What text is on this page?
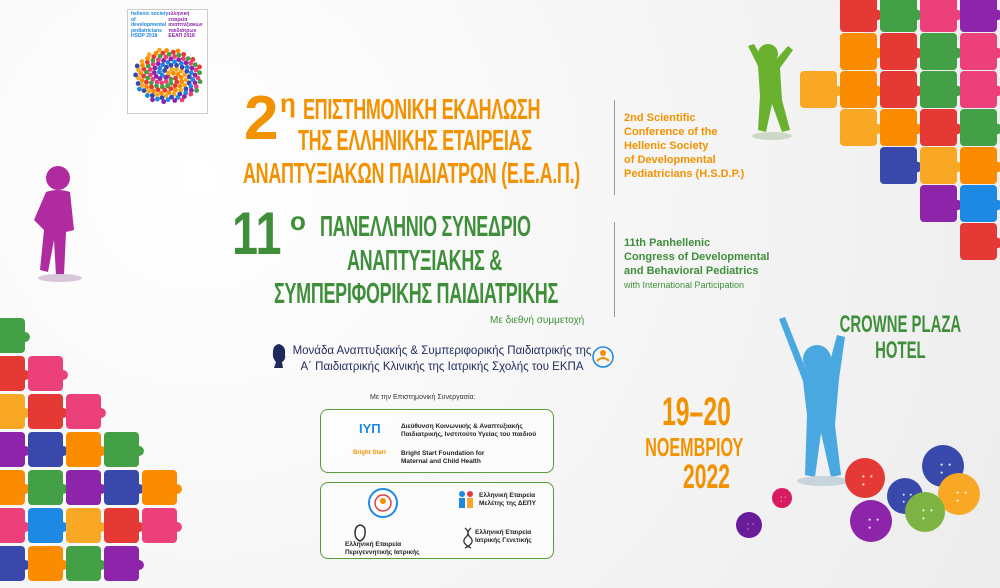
hellenic society of
developmental
pediatricians
HSDP 2018
ελληνική εταιρεία
αναπτυξιακών
παιδιάτρων
ΕΕΑΠ 2018
2 η ΕΠΙΣΤΗΜΟΝΙΚΗ ΕΚΔΗΛΩΣΗ
ΤΗΣ ΕΛΛΗΝΙΚΗΣ ΕΤΑΙΡΕΙΑΣ
ΑΝΑΠΤΥΞΙΑΚΩΝ ΠΑΙΔΙΑΤΡΩΝ (Ε.Ε.Α.Π.)
2nd Scientific
Conference of the
Hellenic Society
of Developmental
Pediatricians (H.S.D.P.)
11 ο ΠΑΝΕΛΛΗΝΙΟ ΣΥΝΕΔΡΙΟ
ΑΝΑΠΤΥΞΙΑΚΗΣ &
ΣΥΜΠΕΡΙΦΟΡΙΚΗΣ ΠΑΙΔΙΑΤΡΙΚΗΣ
Με διεθνή συμμετοχή
11th Panhellenic
Congress of Developmental
and Behavioral Pediatrics
with International Participation
Μονάδα Αναπτυξιακής & Συμπεριφορικής Παιδιατρικής της
Α΄ Παιδιατρικής Κλινικής της Ιατρικής Σχολής του ΕΚΠΑ
Με την Επιστημονική Συνεργασία:
ΙΥΠ	Διεύθυνση Κοινωνικής & Αναπτυξιακής
Παιδιατρικής, Ινστιτούτο Υγείας του παιδιού
Bright Start Bright Start Foundation for
Maternal and Child Health
Ελληνική Εταιρεία
Μελέτης της ΔΕΠΥ
Ελληνική Εταιρεία
Περιγεννητικής Ιατρικής
Ελληνική Εταιρεία
Ιατρικής Γενετικής
CROWNE PLAZA
HOTEL
19–20
ΝΟΕΜΒΡΙΟΥ
2022
